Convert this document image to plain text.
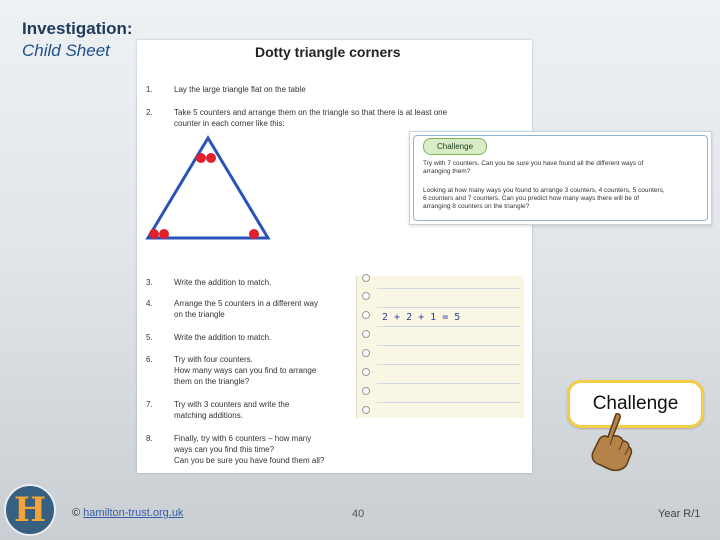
Investigation:
Child Sheet	Dotty triangle corners
1.	Lay the large triangle flat on the table
2.	Take 5 counters and arrange them on the triangle so that there is at least one
counter in each corner like this:
3.	Write the addition to match.
4.	Arrange the 5 counters in a different way
on the triangle
5.	Write the addition to match.
6.	Try with four counters.
How many ways can you find to arrange
them on the triangle?
7.	Try with 3 counters and write the
matching additions.
8.	Finally, try with 6 counters – how many
ways can you find this time?
Can you be sure you have found them all?
2 + 2 + 1 = 5
Challenge
Try with 7 counters. Can you be sure you have found all the different ways of
arranging them?
Looking at how many ways you found to arrange 3 counters, 4 counters, 5 counters,
6 counters and 7 counters. Can you predict how many ways there will be of
arranging 8 counters on the triangle?
Challenge
H	© hamilton-trust.org.uk	40	Year R/1
